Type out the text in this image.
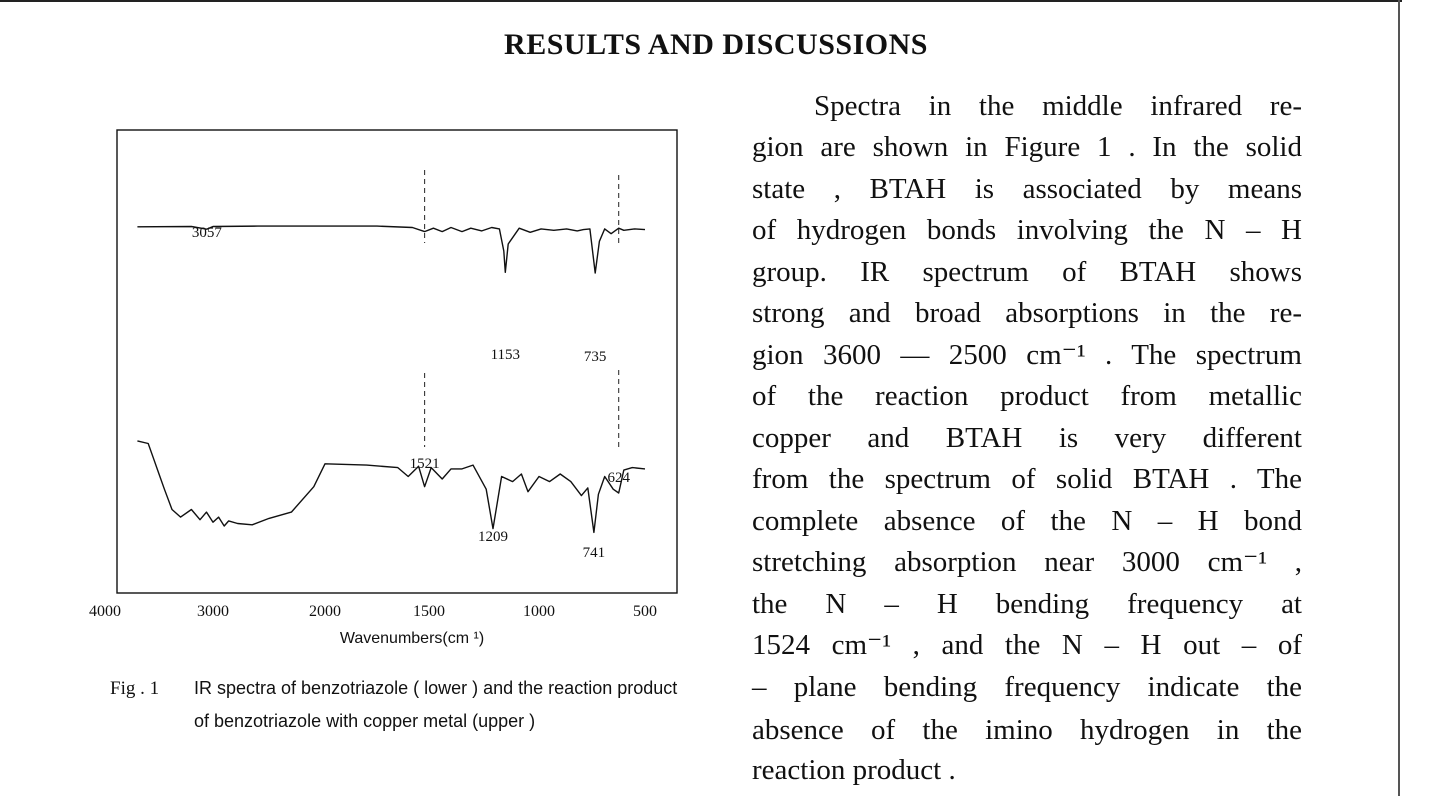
RESULTS AND DISCUSSIONS
3057
1153	735
1521
624
1209
741
4000	3000	2000	1500	1000	500
Wavenumbers(cm ¹)
Fig . 1 IR spectra of benzotriazole ( lower ) and the reaction product of benzotriazole with copper metal (upper )
Spectra in the middle infrared re-
gion are shown in Figure 1 . In the solid
state , BTAH is associated by means
of hydrogen bonds involving the N – H
group. IR spectrum of BTAH shows
strong and broad absorptions in the re-
gion 3600 — 2500 cm⁻¹ . The spectrum
of the reaction product from metallic
copper and BTAH is very different
from the spectrum of solid BTAH . The
complete absence of the N – H bond
stretching absorption near 3000 cm⁻¹ ,
the N – H bending frequency at
1524 cm⁻¹ , and the N – H out – of
– plane bending frequency indicate the
absence of the imino hydrogen in the
reaction product .
